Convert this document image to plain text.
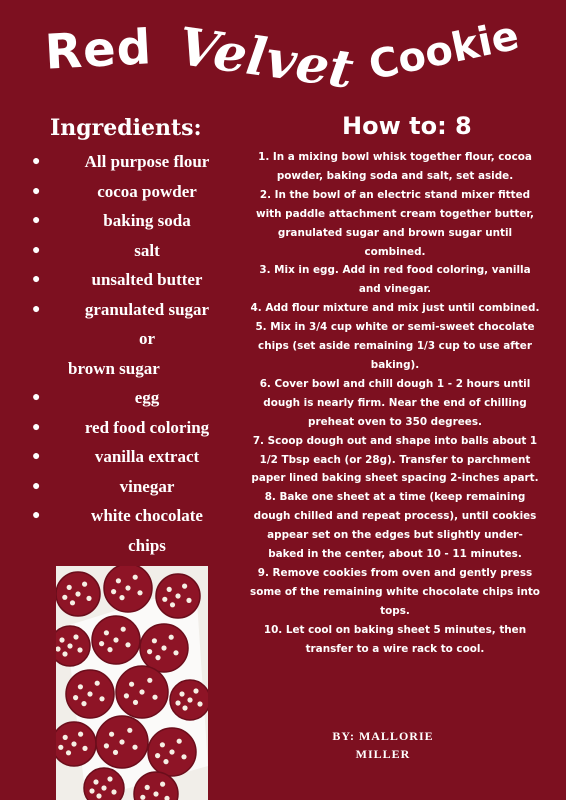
Red Velvet Cookie
Ingredients:
●	All purpose flour
●	cocoa powder
●	baking soda
●	salt
●	unsalted butter
●	granulated sugar
or
brown sugar
●	egg
●	red food coloring
●	vanilla extract
●	vinegar
●	white chocolate
chips
How to: 8
1. In a mixing bowl whisk together flour, cocoa powder, baking soda and salt, set aside.
2. In the bowl of an electric stand mixer fitted with paddle attachment cream together butter, granulated sugar and brown sugar until combined.
3. Mix in egg. Add in red food coloring, vanilla and vinegar.
4. Add flour mixture and mix just until combined.
5. Mix in 3/4 cup white or semi-sweet chocolate chips (set aside remaining 1/3 cup to use after baking).
6. Cover bowl and chill dough 1 - 2 hours until dough is nearly firm. Near the end of chilling preheat oven to 350 degrees.
7. Scoop dough out and shape into balls about 1 1/2 Tbsp each (or 28g). Transfer to parchment paper lined baking sheet spacing 2-inches apart.
8. Bake one sheet at a time (keep remaining dough chilled and repeat process), until cookies appear set on the edges but slightly under-baked in the center, about 10 - 11 minutes.
9. Remove cookies from oven and gently press some of the remaining white chocolate chips into tops.
10. Let cool on baking sheet 5 minutes, then transfer to a wire rack to cool.
BY: MALLORIE
MILLER
